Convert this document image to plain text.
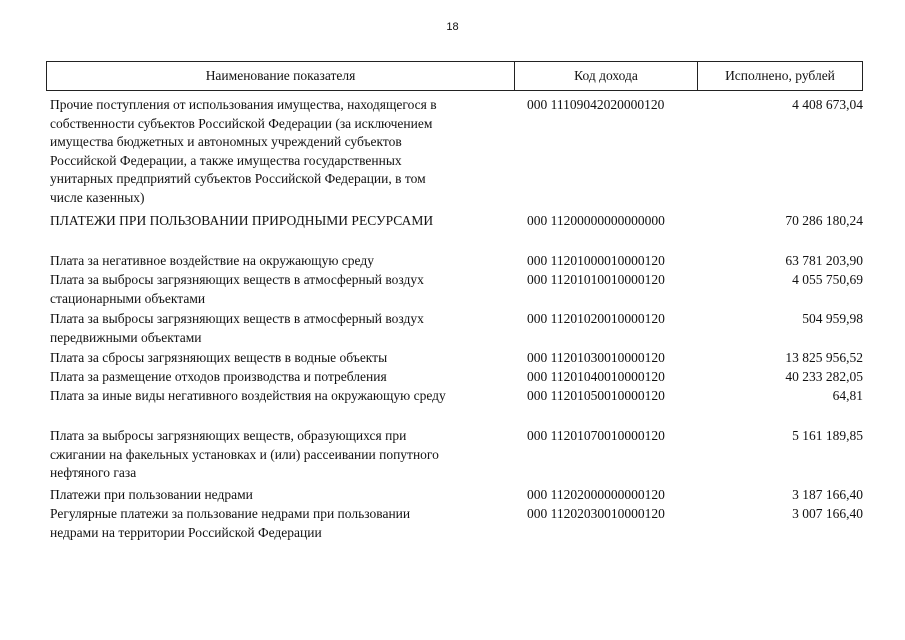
18
Наименование показателя	Код дохода	Исполнено, рублей
Прочие поступления от использования имущества, находящегося в
собственности субъектов Российской Федерации (за исключением
имущества бюджетных и автономных учреждений субъектов
Российской Федерации, а также имущества государственных
унитарных предприятий субъектов Российской Федерации, в том
числе казенных)
000 11109042020000120	4 408 673,04
ПЛАТЕЖИ ПРИ ПОЛЬЗОВАНИИ ПРИРОДНЫМИ РЕСУРСАМИ	000 11200000000000000	70 286 180,24
Плата за негативное воздействие на окружающую среду	000 11201000010000120	63 781 203,90
Плата за выбросы загрязняющих веществ в атмосферный воздух
стационарными объектами
000 11201010010000120	4 055 750,69
Плата за выбросы загрязняющих веществ в атмосферный воздух
передвижными объектами
000 11201020010000120	504 959,98
Плата за сбросы загрязняющих веществ в водные объекты	000 11201030010000120	13 825 956,52
Плата за размещение отходов производства и потребления	000 11201040010000120	40 233 282,05
Плата за иные виды негативного воздействия на окружающую среду	000 11201050010000120	64,81
Плата за выбросы загрязняющих веществ, образующихся при
сжигании на факельных установках и (или) рассеивании попутного
нефтяного газа
000 11201070010000120	5 161 189,85
Платежи при пользовании недрами	000 11202000000000120	3 187 166,40
Регулярные платежи за пользование недрами при пользовании
недрами на территории Российской Федерации
000 11202030010000120	3 007 166,40
